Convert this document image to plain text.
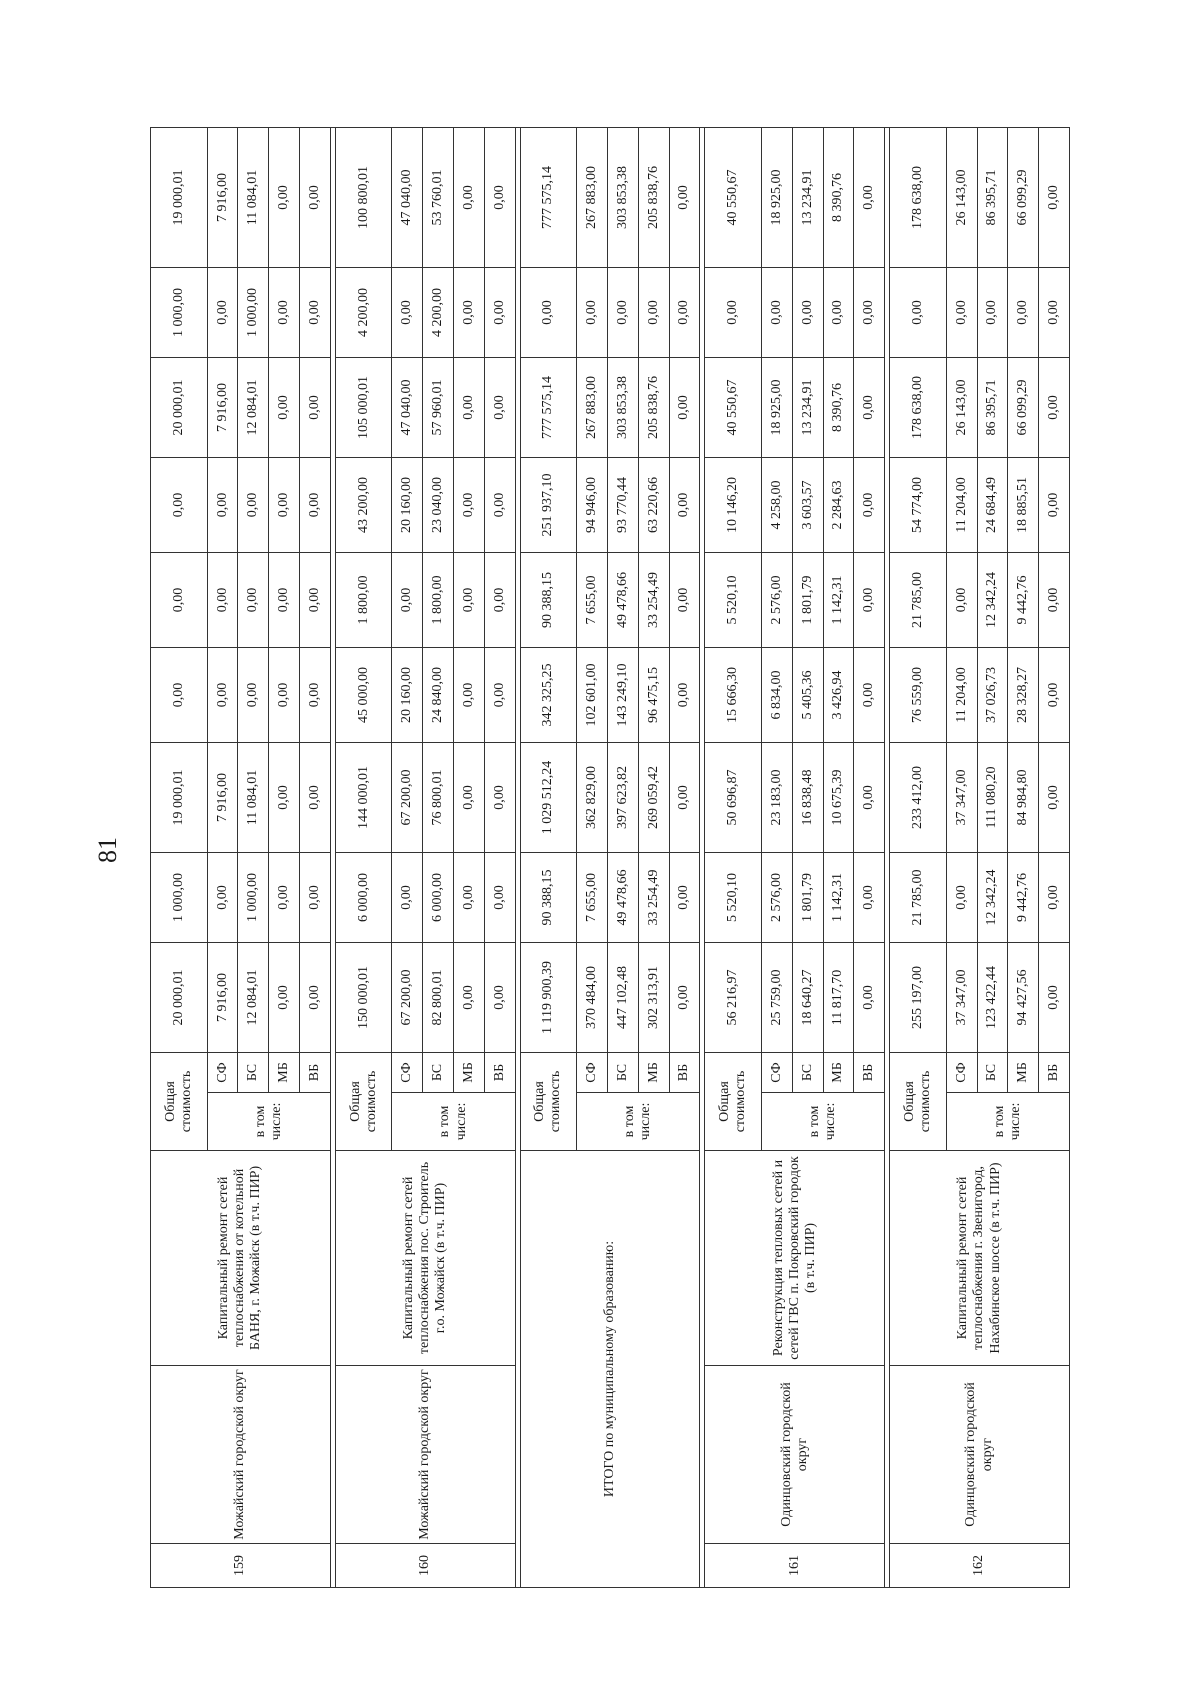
81
159	Можайский городской округ	Капитальный ремонт сетей теплоснабжения от котельной БАНЯ, г. Можайск (в т.ч. ПИР)	Общая стоимость		20 000,01	1 000,00	19 000,01	0,00	0,00	0,00	20 000,01	1 000,00	19 000,01
			в том числе:	СФ	7 916,00	0,00	7 916,00	0,00	0,00	0,00	7 916,00	0,00	7 916,00
				БС	12 084,01	1 000,00	11 084,01	0,00	0,00	0,00	12 084,01	1 000,00	11 084,01
				МБ	0,00	0,00	0,00	0,00	0,00	0,00	0,00	0,00	0,00
				ВБ	0,00	0,00	0,00	0,00	0,00	0,00	0,00	0,00	0,00

160	Можайский городской округ	Капитальный ремонт сетей теплоснабжения пос. Строитель г.о. Можайск (в т.ч. ПИР)	Общая стоимость		150 000,01	6 000,00	144 000,01	45 000,00	1 800,00	43 200,00	105 000,01	4 200,00	100 800,01
			в том числе:	СФ	67 200,00	0,00	67 200,00	20 160,00	0,00	20 160,00	47 040,00	0,00	47 040,00
				БС	82 800,01	6 000,00	76 800,01	24 840,00	1 800,00	23 040,00	57 960,01	4 200,00	53 760,01
				МБ	0,00	0,00	0,00	0,00	0,00	0,00	0,00	0,00	0,00
				ВБ	0,00	0,00	0,00	0,00	0,00	0,00	0,00	0,00	0,00

ИТОГО по муниципальному образованию:			Общая стоимость		1 119 900,39	90 388,15	1 029 512,24	342 325,25	90 388,15	251 937,10	777 575,14	0,00	777 575,14
			в том числе:	СФ	370 484,00	7 655,00	362 829,00	102 601,00	7 655,00	94 946,00	267 883,00	0,00	267 883,00
				БС	447 102,48	49 478,66	397 623,82	143 249,10	49 478,66	93 770,44	303 853,38	0,00	303 853,38
				МБ	302 313,91	33 254,49	269 059,42	96 475,15	33 254,49	63 220,66	205 838,76	0,00	205 838,76
				ВБ	0,00	0,00	0,00	0,00	0,00	0,00	0,00	0,00	0,00

161	Одинцовский городской округ	Реконструкция тепловых сетей и сетей ГВС п. Покровский городок (в т.ч. ПИР)	Общая стоимость		56 216,97	5 520,10	50 696,87	15 666,30	5 520,10	10 146,20	40 550,67	0,00	40 550,67
			в том числе:	СФ	25 759,00	2 576,00	23 183,00	6 834,00	2 576,00	4 258,00	18 925,00	0,00	18 925,00
				БС	18 640,27	1 801,79	16 838,48	5 405,36	1 801,79	3 603,57	13 234,91	0,00	13 234,91
				МБ	11 817,70	1 142,31	10 675,39	3 426,94	1 142,31	2 284,63	8 390,76	0,00	8 390,76
				ВБ	0,00	0,00	0,00	0,00	0,00	0,00	0,00	0,00	0,00

162	Одинцовский городской округ	Капитальный ремонт сетей теплоснабжения г. Звенигород, Нахабинское шоссе (в т.ч. ПИР)	Общая стоимость		255 197,00	21 785,00	233 412,00	76 559,00	21 785,00	54 774,00	178 638,00	0,00	178 638,00
			в том числе:	СФ	37 347,00	0,00	37 347,00	11 204,00	0,00	11 204,00	26 143,00	0,00	26 143,00
				БС	123 422,44	12 342,24	111 080,20	37 026,73	12 342,24	24 684,49	86 395,71	0,00	86 395,71
				МБ	94 427,56	9 442,76	84 984,80	28 328,27	9 442,76	18 885,51	66 099,29	0,00	66 099,29
				ВБ	0,00	0,00	0,00	0,00	0,00	0,00	0,00	0,00	0,00
